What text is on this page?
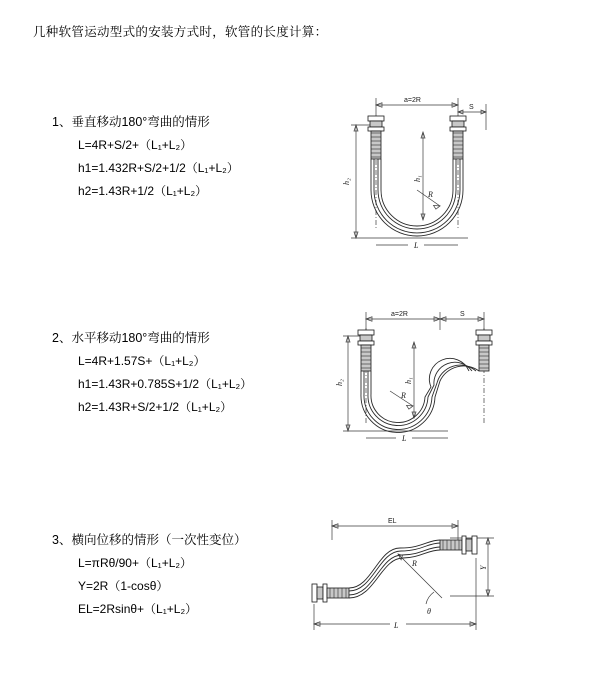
几种软管运动型式的安装方式时，软管的长度计算：
1、垂直移动180°弯曲的情形
L=4R+S/2+（L₁+L₂）
h1=1.432R+S/2+1/2（L₁+L₂）
h2=1.43R+1/2（L₁+L₂）
a=2R
S
h₂	h₁
R
L
2、水平移动180°弯曲的情形
L=4R+1.57S+（L₁+L₂）
h1=1.43R+0.785S+1/2（L₁+L₂）
h2=1.43R+S/2+1/2（L₁+L₂）
a=2R	S
h₂	h₁
R
L
3、横向位移的情形（一次性变位）
L=πRθ/90+（L₁+L₂）
Y=2R（1-cosθ）
EL=2Rsinθ+（L₁+L₂）
EL
Y
R
θ
L
